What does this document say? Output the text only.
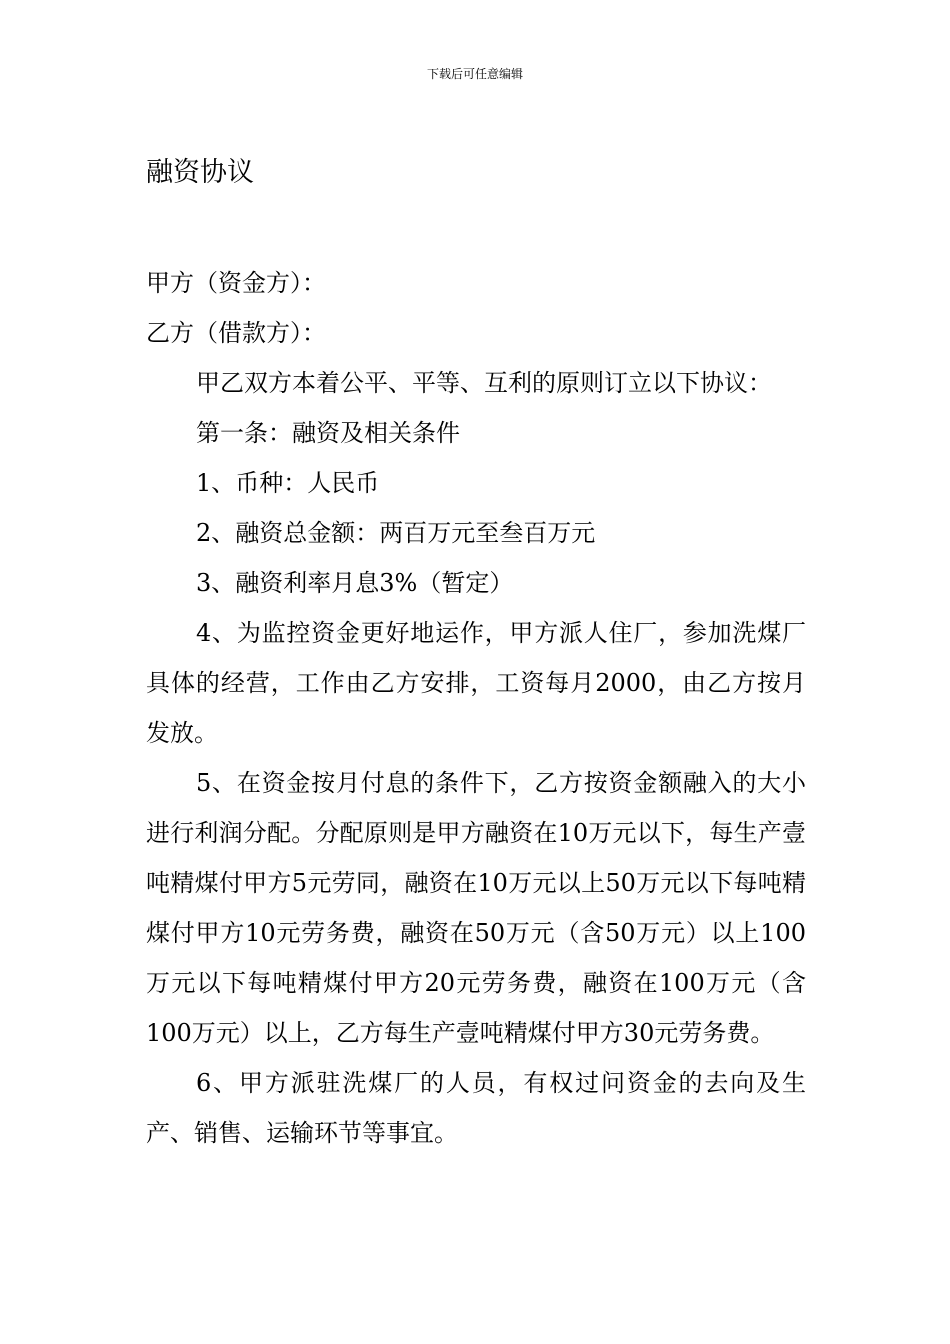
下载后可任意编辑
融资协议

甲方（资金方）：

乙方（借款方）：

甲乙双方本着公平、平等、互利的原则订立以下协议：

第一条：融资及相关条件

1、币种：人民币

2、融资总金额：两百万元至叁百万元

3、融资利率月息3%（暂定）

4、为监控资金更好地运作，甲方派人住厂，参加洗煤厂具体的经营，工作由乙方安排，工资每月2000，由乙方按月发放。

5、在资金按月付息的条件下，乙方按资金额融入的大小进行利润分配。分配原则是甲方融资在10万元以下，每生产壹吨精煤付甲方5元劳同，融资在10万元以上50万元以下每吨精煤付甲方10元劳务费，融资在50万元（含50万元）以上100万元以下每吨精煤付甲方20元劳务费，融资在100万元（含100万元）以上，乙方每生产壹吨精煤付甲方30元劳务费。

6、甲方派驻洗煤厂的人员，有权过问资金的去向及生产、销售、运输环节等事宜。
